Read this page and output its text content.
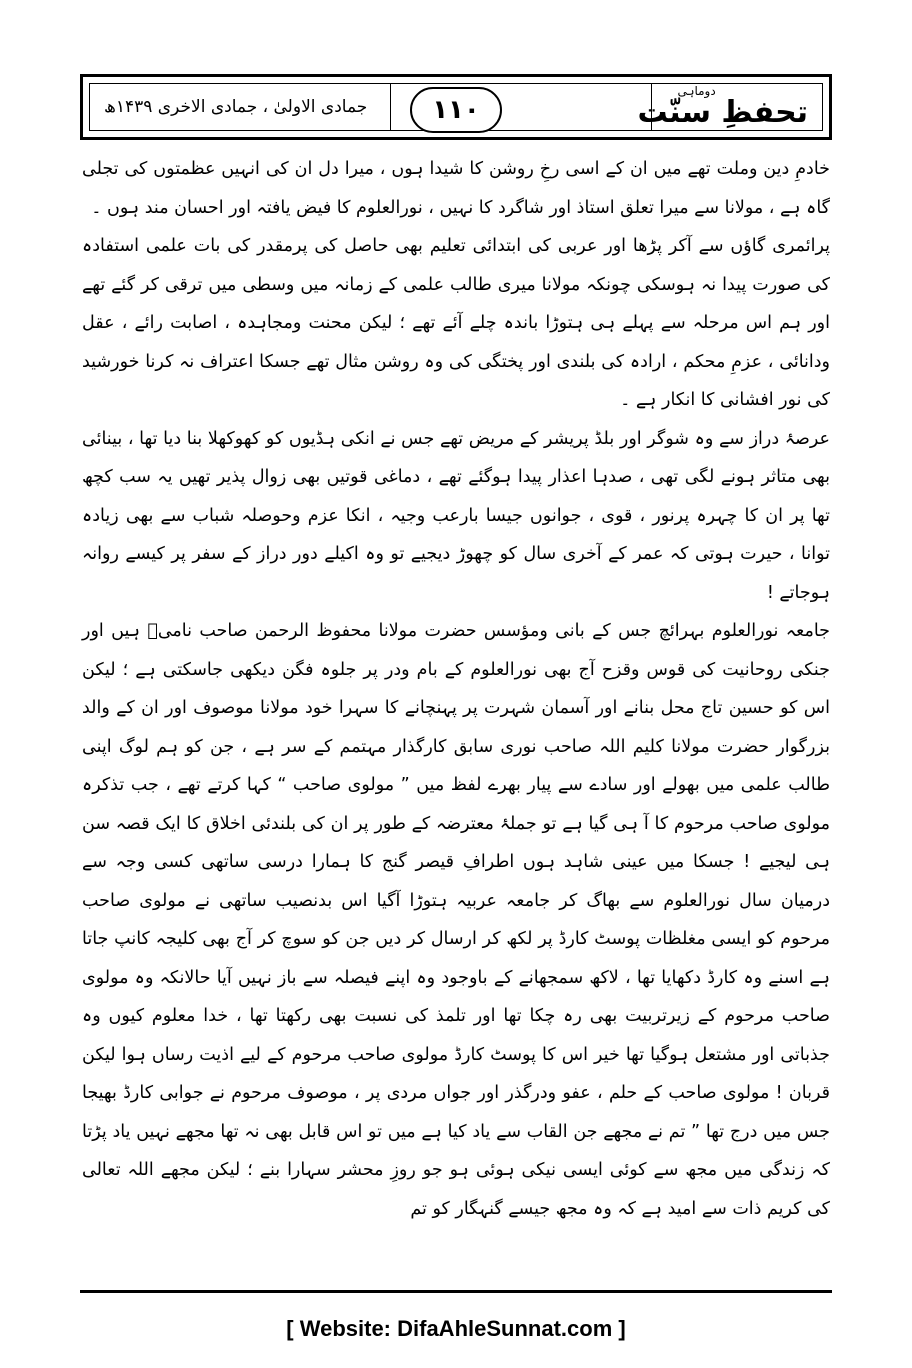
جمادی الاولیٰ ، جمادی الاخری ۱۴۳۹ھ
دوماہی
تحفظِ سنّت
۱۱۰

خادمِ دین وملت تھے میں ان کے اسی رخِ روشن کا شیدا ہوں ، میرا دل ان کی انہیں عظمتوں کی تجلی گاہ ہے ، مولانا سے میرا تعلق استاذ اور شاگرد کا نہیں ، نورالعلوم کا فیض یافتہ اور احسان مند ہوں ۔

پرائمری گاؤں سے آکر پڑھا اور عربی کی ابتدائی تعلیم بھی حاصل کی پرمقدر کی بات علمی استفادہ کی صورت پیدا نہ ہوسکی چونکہ مولانا میری طالب علمی کے زمانہ میں وسطی میں ترقی کر گئے تھے اور ہم اس مرحلہ سے پہلے ہی ہتوڑا باندہ چلے آئے تھے ؛ لیکن محنت ومجاہدہ ، اصابت رائے ، عقل ودانائی ، عزمِ محکم ، ارادہ کی بلندی اور پختگی کی وہ روشن مثال تھے جسکا اعتراف نہ کرنا خورشید کی نور افشانی کا انکار ہے ۔

عرصۂ دراز سے وہ شوگر اور بلڈ پریشر کے مریض تھے جس نے انکی ہڈیوں کو کھوکھلا بنا دیا تھا ، بینائی بھی متاثر ہونے لگی تھی ، صدہا اعذار پیدا ہوگئے تھے ، دماغی قوتیں بھی زوال پذیر تھیں یہ سب کچھ تھا پر ان کا چہرہ پرنور ، قوی ، جوانوں جیسا بارعب وجیہ ، انکا عزم وحوصلہ شباب سے بھی زیادہ توانا ، حیرت ہوتی کہ عمر کے آخری سال کو چھوڑ دیجیے تو وہ اکیلے دور دراز کے سفر پر کیسے روانہ ہوجاتے !

جامعہ نورالعلوم بہرائچ جس کے بانی ومؤسس حضرت مولانا محفوظ الرحمن صاحب نامیؒ ہیں اور جنکی روحانیت کی قوس وقزح آج بھی نورالعلوم کے بام ودر پر جلوہ فگن دیکھی جاسکتی ہے ؛ لیکن اس کو حسین تاج محل بنانے اور آسمان شہرت پر پہنچانے کا سہرا خود مولانا موصوف اور ان کے والد بزرگوار حضرت مولانا کلیم اللہ صاحب نوری سابق کارگذار مہتمم کے سر ہے ، جن کو ہم لوگ اپنی طالب علمی میں بھولے اور سادے سے پیار بھرے لفظ میں ” مولوی صاحب “ کہا کرتے تھے ، جب تذکرہ مولوی صاحب مرحوم کا آ ہی گیا ہے تو جملۂ معترضہ کے طور پر ان کی بلندئی اخلاق کا ایک قصہ سن ہی لیجیے ! جسکا میں عینی شاہد ہوں اطرافِ قیصر گنج کا ہمارا درسی ساتھی کسی وجہ سے درمیان سال نورالعلوم سے بھاگ کر جامعہ عربیہ ہتوڑا آگیا اس بدنصیب ساتھی نے مولوی صاحب مرحوم کو ایسی مغلظات پوسٹ کارڈ پر لکھ کر ارسال کر دیں جن کو سوچ کر آج بھی کلیجہ کانپ جاتا ہے اسنے وہ کارڈ دکھایا تھا ، لاکھ سمجھانے کے باوجود وہ اپنے فیصلہ سے باز نہیں آیا حالانکہ وہ مولوی صاحب مرحوم کے زیرتربیت بھی رہ چکا تھا اور تلمذ کی نسبت بھی رکھتا تھا ، خدا معلوم کیوں وہ جذباتی اور مشتعل ہوگیا تھا خیر اس کا پوسٹ کارڈ مولوی صاحب مرحوم کے لیے اذیت رساں ہوا لیکن قربان ! مولوی صاحب کے حلم ، عفو ودرگذر اور جواں مردی پر ، موصوف مرحوم نے جوابی کارڈ بھیجا جس میں درج تھا ” تم نے مجھے جن القاب سے یاد کیا ہے میں تو اس قابل بھی نہ تھا مجھے نہیں یاد پڑتا کہ زندگی میں مجھ سے کوئی ایسی نیکی ہوئی ہو جو روزِ محشر سہارا بنے ؛ لیکن مجھے اللہ تعالی کی کریم ذات سے امید ہے کہ وہ مجھ جیسے گنہگار کو تم

[ Website: DifaAhleSunnat.com ]
